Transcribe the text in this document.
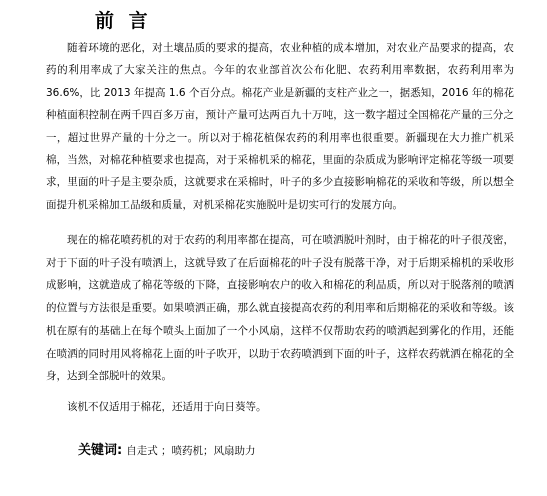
前 言

随着环境的恶化，对土壤品质的要求的提高，农业种植的成本增加，对农业产品要求的提高，农药的利用率成了大家关注的焦点。今年的农业部首次公布化肥、农药利用率数据，农药利用率为36.6%，比 2013 年提高 1.6 个百分点。棉花产业是新疆的支柱产业之一，据悉知，2016 年的棉花种植面积控制在两千四百多万亩，预计产量可达两百九十万吨，这一数字超过全国棉花产量的三分之一，超过世界产量的十分之一。所以对于棉花植保农药的利用率也很重要。新疆现在大力推广机采棉，当然，对棉花种植要求也提高，对于采棉机采的棉花，里面的杂质成为影响评定棉花等级一项要求，里面的叶子是主要杂质，这就要求在采棉时，叶子的多少直接影响棉花的采收和等级，所以想全面提升机采棉加工品级和质量，对机采棉花实施脱叶是切实可行的发展方向。

现在的棉花喷药机的对于农药的利用率都在提高，可在喷洒脱叶剂时，由于棉花的叶子很茂密，对于下面的叶子没有喷洒上，这就导致了在后面棉花的叶子没有脱落干净，对于后期采棉机的采收形成影响，这就造成了棉花等级的下降，直接影响农户的收入和棉花的利品质，所以对于脱落剂的喷洒的位置与方法很是重要。如果喷洒正确，那么就直接提高农药的利用率和后期棉花的采收和等级。该机在原有的基础上在每个喷头上面加了一个小风扇，这样不仅帮助农药的喷洒起到雾化的作用，还能在喷洒的同时用风将棉花上面的叶子吹开，以助于农药喷洒到下面的叶子，这样农药就洒在棉花的全身，达到全部脱叶的效果。

该机不仅适用于棉花，还适用于向日葵等。

关键词: 自走式 ；喷药机；风扇助力
